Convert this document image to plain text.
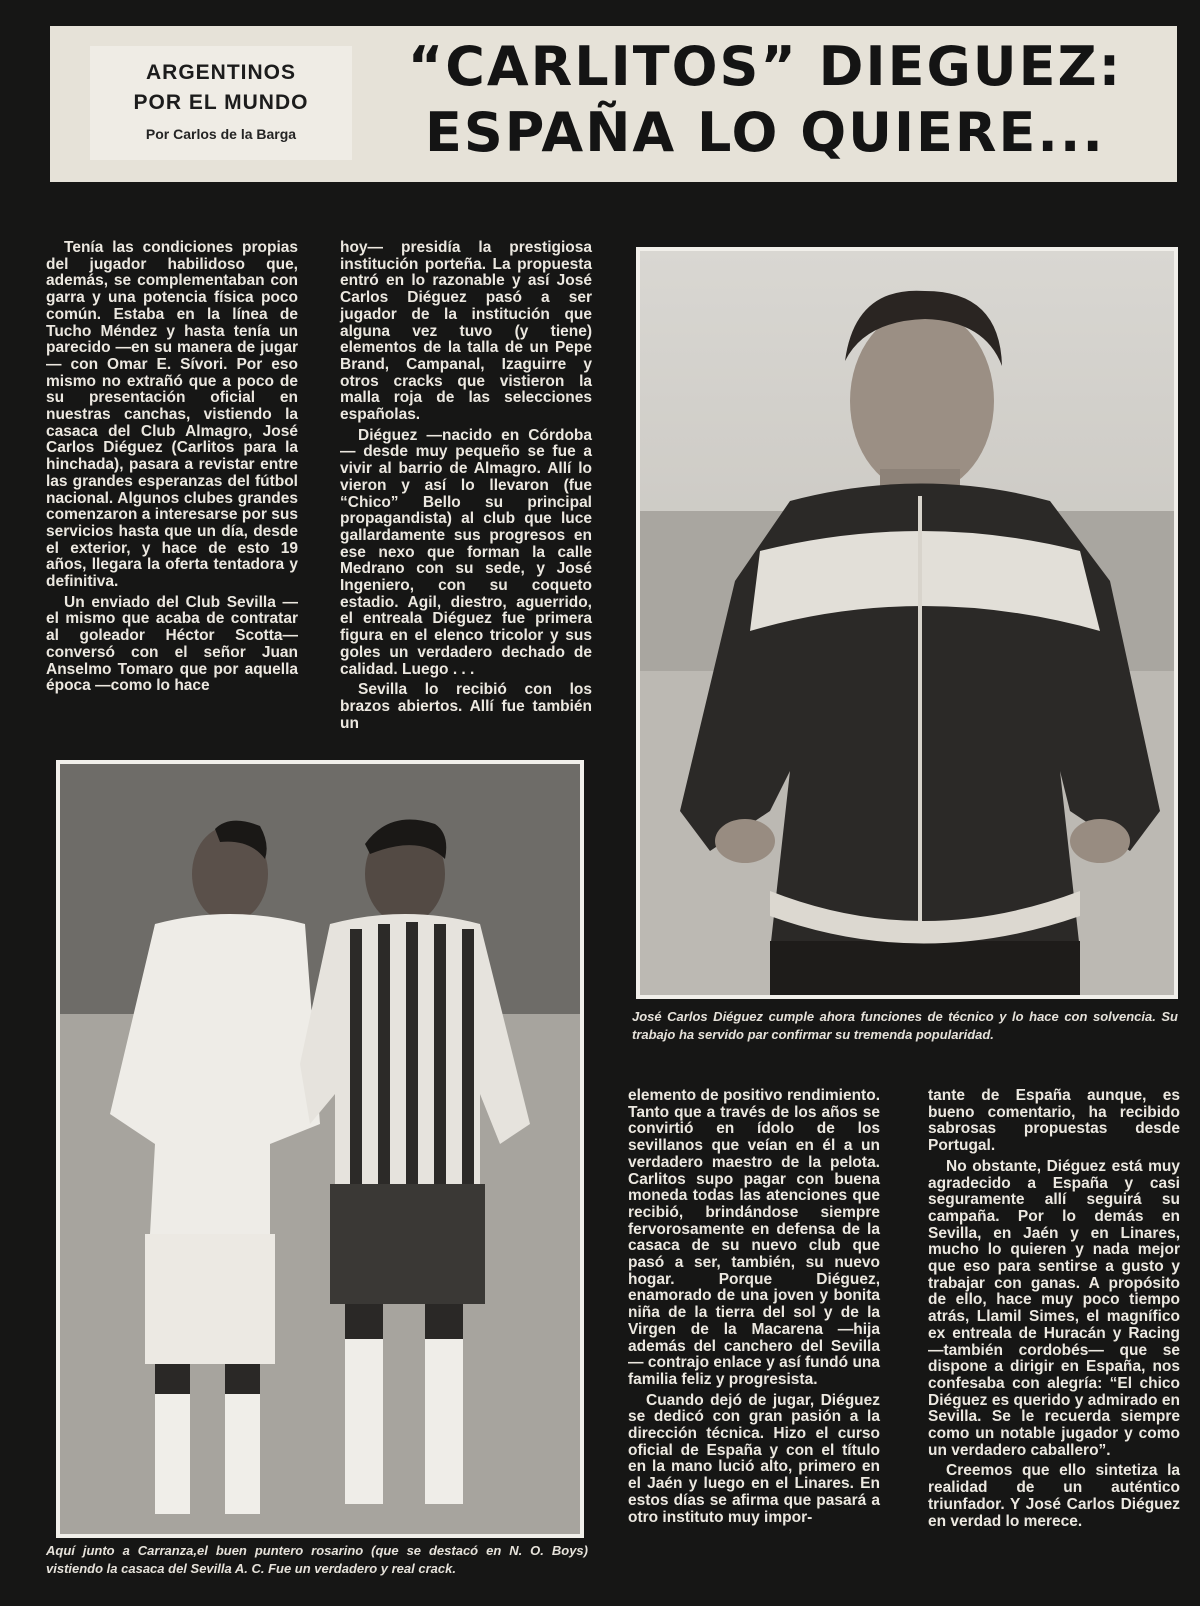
ARGENTINOS
POR EL MUNDO

Por Carlos de la Barga

“CARLITOS” DIEGUEZ:
ESPAÑA LO QUIERE...

Tenía las condiciones propias del jugador habilidoso que, además, se complementaban con garra y una potencia física poco común. Estaba en la línea de Tucho Méndez y hasta tenía un parecido —en su manera de jugar— con Omar E. Sívori. Por eso mismo no extrañó que a poco de su presentación oficial en nuestras canchas, vistiendo la casaca del Club Almagro, José Carlos Diéguez (Carlitos para la hinchada), pasara a revistar entre las grandes esperanzas del fútbol nacional. Algunos clubes grandes comenzaron a interesarse por sus servicios hasta que un día, desde el exterior, y hace de esto 19 años, llegara la oferta tentadora y definitiva.

Un enviado del Club Sevilla —el mismo que acaba de contratar al goleador Héctor Scotta— conversó con el señor Juan Anselmo Tomaro que por aquella época —como lo hace

hoy— presidía la prestigiosa institución porteña. La propuesta entró en lo razonable y así José Carlos Diéguez pasó a ser jugador de la institución que alguna vez tuvo (y tiene) elementos de la talla de un Pepe Brand, Campanal, Izaguirre y otros cracks que vistieron la malla roja de las selecciones españolas.

Diéguez —nacido en Córdoba— desde muy pequeño se fue a vivir al barrio de Almagro. Allí lo vieron y así lo llevaron (fue “Chico” Bello su principal propagandista) al club que luce gallardamente sus progresos en ese nexo que forman la calle Medrano con su sede, y José Ingeniero, con su coqueto estadio. Agil, diestro, aguerrido, el entreala Diéguez fue primera figura en el elenco tricolor y sus goles un verdadero dechado de calidad. Luego . . .

Sevilla lo recibió con los brazos abiertos. Allí fue también un

José Carlos Diéguez cumple ahora funciones de técnico y lo hace con solvencia. Su trabajo ha servido par confirmar su tremenda popularidad.

Aquí junto a Carranza,el buen puntero rosarino (que se destacó en N. O. Boys) vistiendo la casaca del Sevilla A. C. Fue un verdadero y real crack.

elemento de positivo rendimiento. Tanto que a través de los años se convirtió en ídolo de los sevillanos que veían en él a un verdadero maestro de la pelota. Carlitos supo pagar con buena moneda todas las atenciones que recibió, brindándose siempre fervorosamente en defensa de la casaca de su nuevo club que pasó a ser, también, su nuevo hogar. Porque Diéguez, enamorado de una joven y bonita niña de la tierra del sol y de la Virgen de la Macarena —hija además del canchero del Sevilla— contrajo enlace y así fundó una familia feliz y progresista.

Cuando dejó de jugar, Diéguez se dedicó con gran pasión a la dirección técnica. Hizo el curso oficial de España y con el título en la mano lució alto, primero en el Jaén y luego en el Linares. En estos días se afirma que pasará a otro instituto muy impor-

tante de España aunque, es bueno comentario, ha recibido sabrosas propuestas desde Portugal.

No obstante, Diéguez está muy agradecido a España y casi seguramente allí seguirá su campaña. Por lo demás en Sevilla, en Jaén y en Linares, mucho lo quieren y nada mejor que eso para sentirse a gusto y trabajar con ganas. A propósito de ello, hace muy poco tiempo atrás, Llamil Simes, el magnífico ex entreala de Huracán y Racing —también cordobés— que se dispone a dirigir en España, nos confesaba con alegría: “El chico Diéguez es querido y admirado en Sevilla. Se le recuerda siempre como un notable jugador y como un verdadero caballero”.

Creemos que ello sintetiza la realidad de un auténtico triunfador. Y José Carlos Diéguez en verdad lo merece.
